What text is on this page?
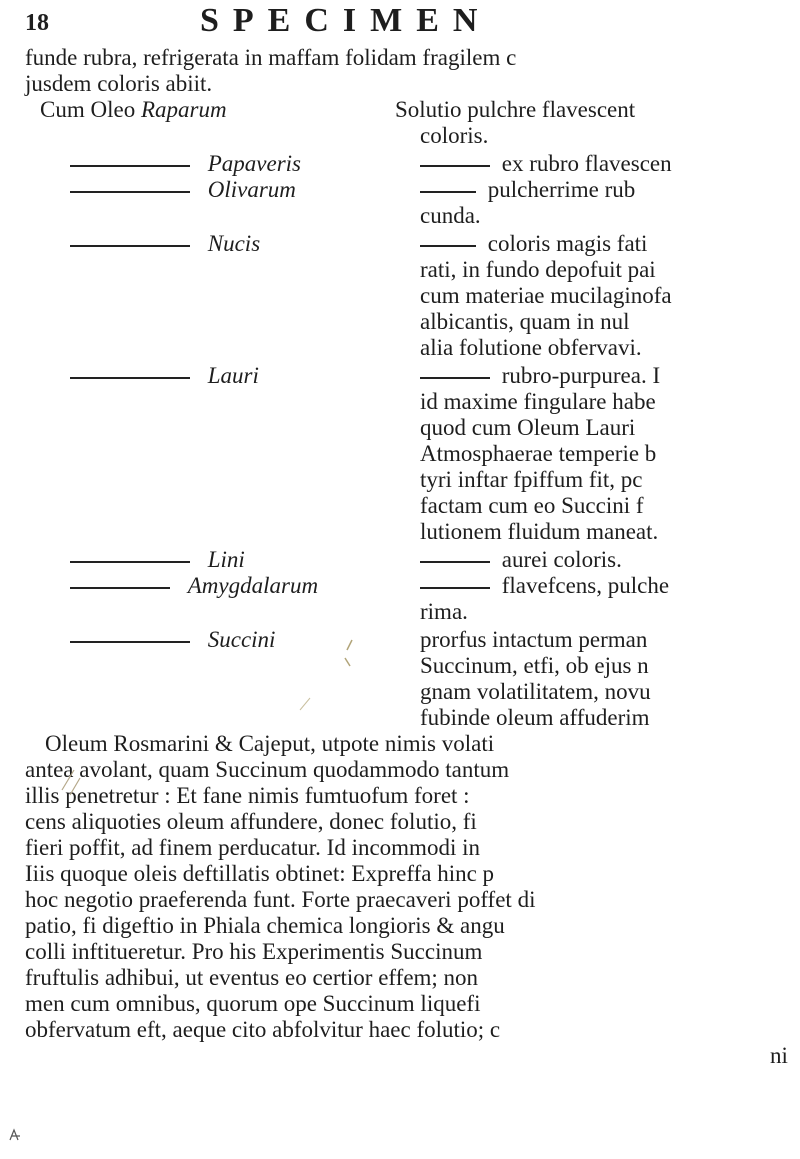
18	SPECIMEN
funde rubra, refrigerata in maffam folidam fragilem c
jusdem coloris abiit.
Cum Oleo Raparum	Solutio pulchre flavescent
coloris.
Papaveris	ex rubro flavescen
Olivarum	pulcherrime rub
cunda.
Nucis	coloris magis fati
rati, in fundo depofuit pai
cum materiae mucilaginofa
albicantis, quam in nul
alia folutione obfervavi.
Lauri	rubro-purpurea. I
id maxime fingulare habe
quod cum Oleum Lauri
Atmosphaerae temperie b
tyri inftar fpiffum fit, pc
factam cum eo Succini f
lutionem fluidum maneat.
Lini	aurei coloris.
Amygdalarum	flavefcens, pulche
rima.
Succini	prorfus intactum perman
Succinum, etfi, ob ejus n
gnam volatilitatem, novu
fubinde oleum affuderim
Oleum Rosmarini & Cajeput, utpote nimis volati
antea avolant, quam Succinum quodammodo tantum
illis penetretur : Et fane nimis fumtuofum foret :
cens aliquoties oleum affundere, donec folutio, fi
fieri poffit, ad finem perducatur. Id incommodi in
Iiis quoque oleis deftillatis obtinet: Expreffa hinc p
hoc negotio praeferenda funt. Forte praecaveri poffet di
patio, fi digeftio in Phiala chemica longioris & angu
colli inftitueretur. Pro his Experimentis Succinum
fruftulis adhibui, ut eventus eo certior effem; non
men cum omnibus, quorum ope Succinum liquefi
obfervatum eft, aeque cito abfolvitur haec folutio; c
ni
